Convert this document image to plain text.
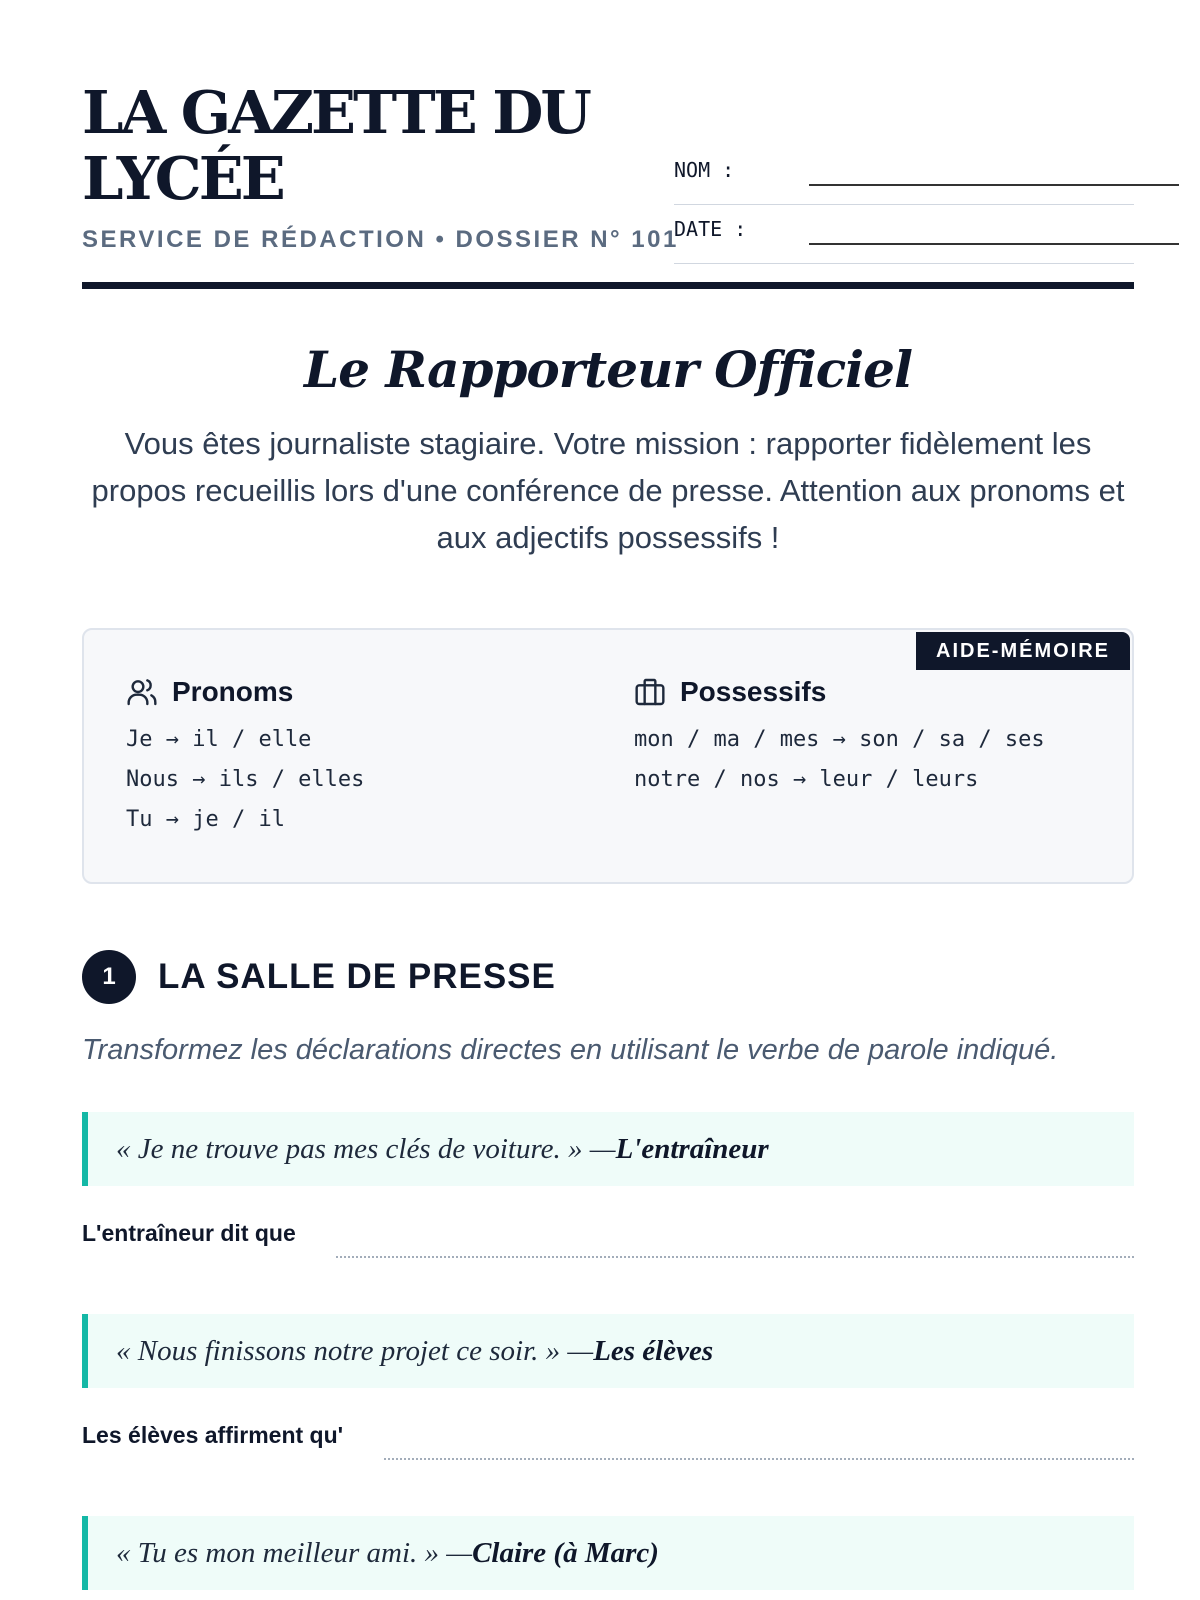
LA GAZETTE DU
LYCÉE
SERVICE DE RÉDACTION • DOSSIER N° 101
NOM :
DATE :
Le Rapporteur Officiel

Vous êtes journaliste stagiaire. Votre mission : rapporter fidèlement les propos recueillis lors d'une conférence de presse. Attention aux pronoms et aux adjectifs possessifs !

AIDE-MÉMOIRE
Pronoms
Je → il / elle
Nous → ils / elles
Tu → je / il
Possessifs
mon / ma / mes → son / sa / ses
notre / nos → leur / leurs
1	LA SALLE DE PRESSE
Transformez les déclarations directes en utilisant le verbe de parole indiqué.
« Je ne trouve pas mes clés de voiture. » — L'entraîneur
L'entraîneur dit que
« Nous finissons notre projet ce soir. » — Les élèves
Les élèves affirment qu'
« Tu es mon meilleur ami. » — Claire (à Marc)
